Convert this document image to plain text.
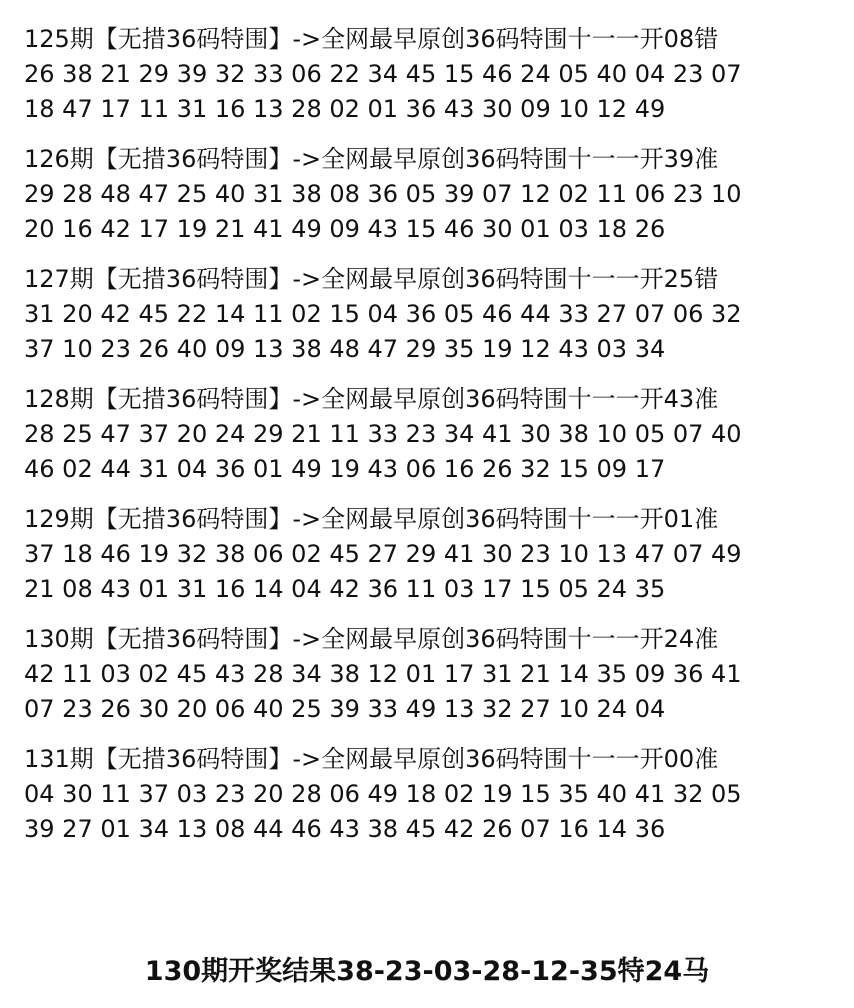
125期【无措36码特围】->全网最早原创36码特围十一一开08错
26 38 21 29 39 32 33 06 22 34 45 15 46 24 05 40 04 23 07
18 47 17 11 31 16 13 28 02 01 36 43 30 09 10 12 49
126期【无措36码特围】->全网最早原创36码特围十一一开39准
29 28 48 47 25 40 31 38 08 36 05 39 07 12 02 11 06 23 10
20 16 42 17 19 21 41 49 09 43 15 46 30 01 03 18 26
127期【无措36码特围】->全网最早原创36码特围十一一开25错
31 20 42 45 22 14 11 02 15 04 36 05 46 44 33 27 07 06 32
37 10 23 26 40 09 13 38 48 47 29 35 19 12 43 03 34
128期【无措36码特围】->全网最早原创36码特围十一一开43准
28 25 47 37 20 24 29 21 11 33 23 34 41 30 38 10 05 07 40
46 02 44 31 04 36 01 49 19 43 06 16 26 32 15 09 17
129期【无措36码特围】->全网最早原创36码特围十一一开01准
37 18 46 19 32 38 06 02 45 27 29 41 30 23 10 13 47 07 49
21 08 43 01 31 16 14 04 42 36 11 03 17 15 05 24 35
130期【无措36码特围】->全网最早原创36码特围十一一开24准
42 11 03 02 45 43 28 34 38 12 01 17 31 21 14 35 09 36 41
07 23 26 30 20 06 40 25 39 33 49 13 32 27 10 24 04
131期【无措36码特围】->全网最早原创36码特围十一一开00准
04 30 11 37 03 23 20 28 06 49 18 02 19 15 35 40 41 32 05
39 27 01 34 13 08 44 46 43 38 45 42 26 07 16 14 36
130期开奖结果38-23-03-28-12-35特24马
